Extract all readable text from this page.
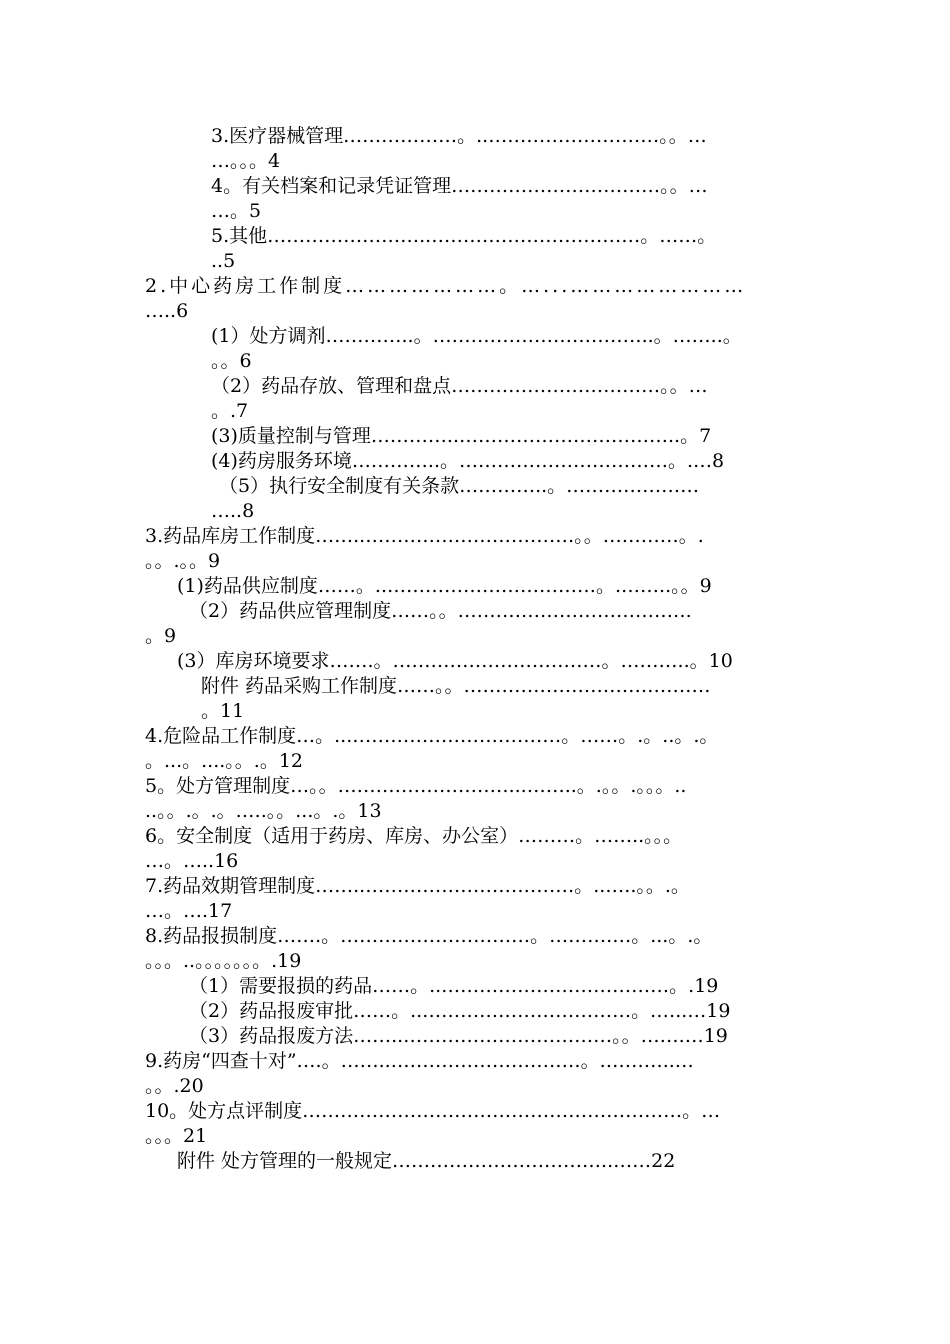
3.医疗器械管理………………。..………………………。。…
…。。。4
4。有关档案和记录凭证管理……………………………。。…
…。5
5.其他……………………..……………………………。……。
..5
2.中心药房工作制度…………………。…...……………………
…..6
(1）处方调剂…………..。……………………………..。……..。
。。6
（2）药品存放、管理和盘点……………………………。。…
。.7
(3)质量控制与管理…………..……………………………..。7
(4)药房服务环境…………..。……………………………。.…8
（5）执行安全制度有关条款…………..。…………………
…..8
3.药品库房工作制度……..……………………………。。…………。.
。。.。。9
(1)药品供应制度……。..……………………………。.……..。。9
（2）药品供应管理制度……。。……………………………….
。9
(3）库房环境要求…….。……………………………。………..。10
附件 药品采购工作制度……。。…………………………………
。11
4.危险品工作制度…。...……………………………。……。.。..。.。
。...。....。。.。12
5。处方管理制度…。。………………………...……..。.。。.。。。..
..。。.。.。.….。。...。.。13
6。安全制度（适用于药房、库房、办公室）………。……..。。。
…。…..16
7.药品效期管理制度……..……………………………。..…..。。.。
…。….17
8.药品报损制度…….。…………………………。……….…。...。.。
。。。..。。。。。。。.19
（1）需要报损的药品……。..………………………………。.19
（2）药品报废审批……。..……………………………。.…..…19
（3）药品报废方法……..……………………………。。…….…19
9.药房“四查十对”….。……..…………………………。.………..…
。。.20
10。处方点评制度……………………………………………………。…
。。。21
附件 处方管理的一般规定……………………………..……22
